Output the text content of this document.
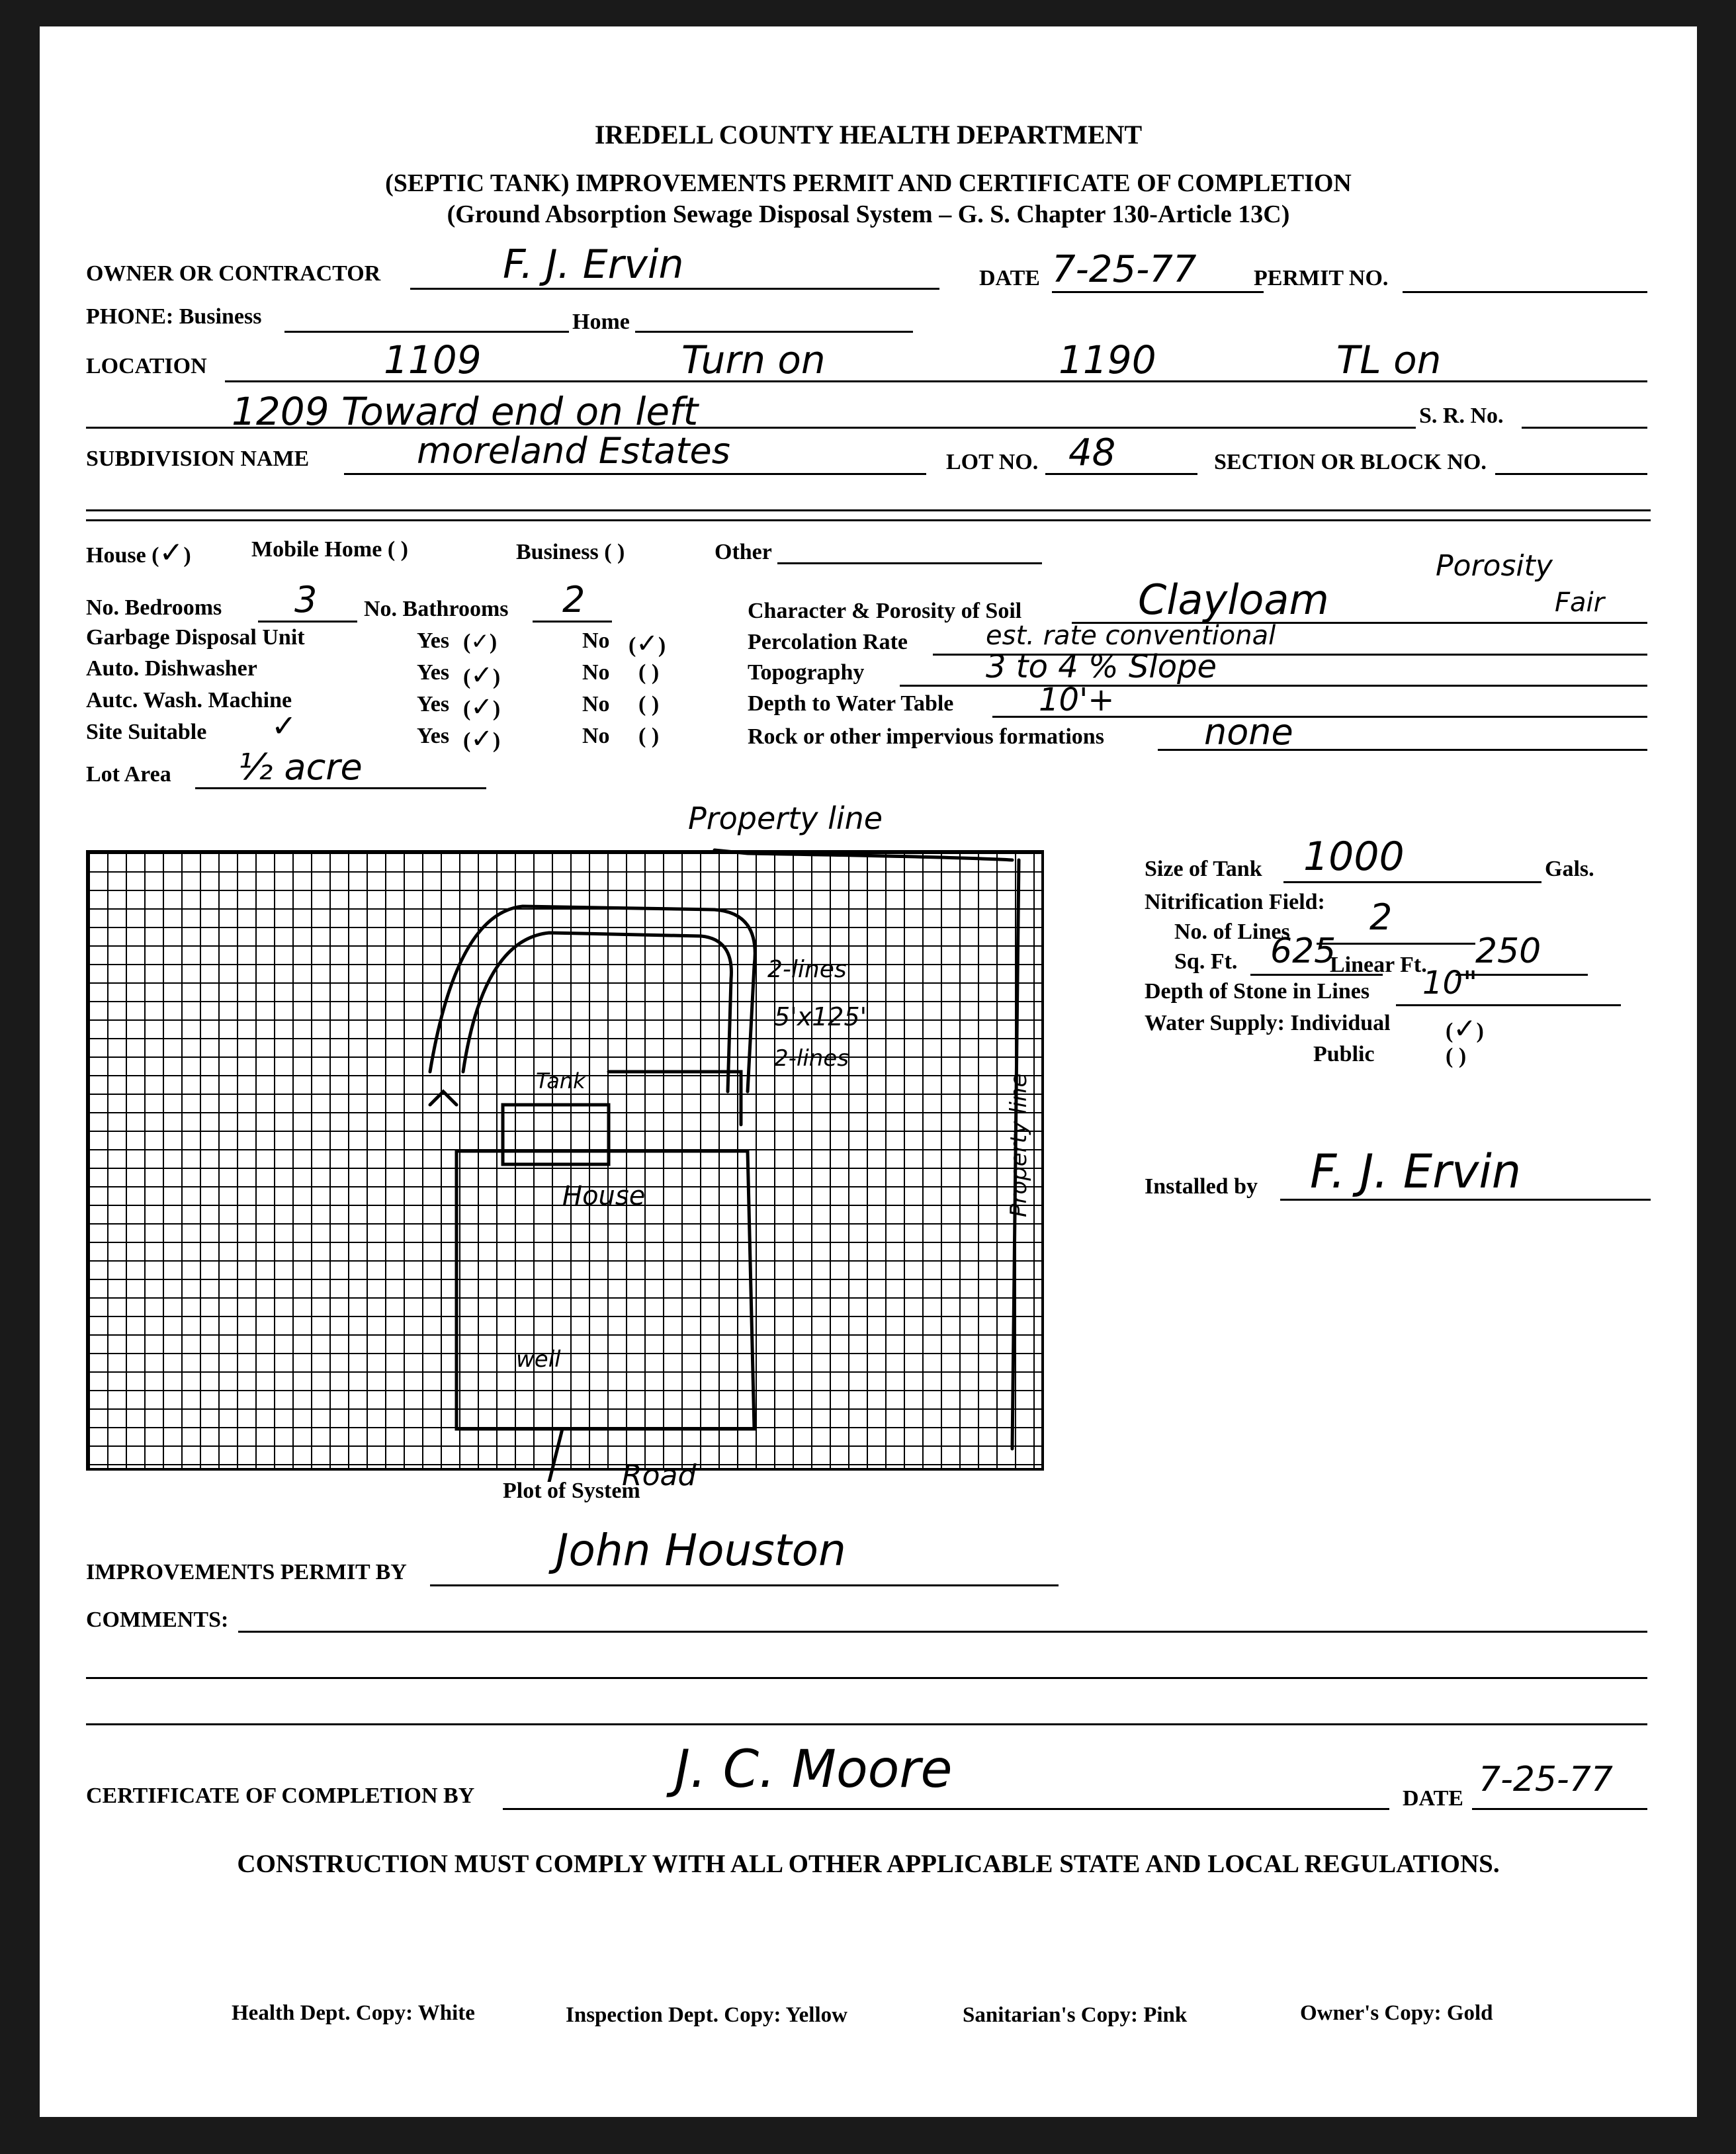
IREDELL COUNTY HEALTH DEPARTMENT
(SEPTIC TANK) IMPROVEMENTS PERMIT AND CERTIFICATE OF COMPLETION
(Ground Absorption Sewage Disposal System – G. S. Chapter 130-Article 13C)
OWNER OR CONTRACTOR	F. J. Ervin	DATE 7-25-77	PERMIT NO.
PHONE: Business	Home
LOCATION	1109	Turn on	1190	TL on
1209 Toward end on left	S. R. No.
SUBDIVISION NAME	moreland Estates	LOT NO. 48	SECTION OR BLOCK NO.
House (✓)	Mobile Home ( )	Business ( )	Other
No. Bedrooms 3 No. Bathrooms 2
Garbage Disposal Unit	Yes (✓)	No (✓)
Auto. Dishwasher	Yes (✓)	No ( )
Autc. Wash. Machine	Yes (✓)	No ( )
Site Suitable ✓	Yes (✓)	No ( )
Lot Area ½ acre
Character & Porosity of Soil	Clayloam
Porosity
Fair
Percolation Rate	est. rate conventional
Topography	3 to 4 % Slope
Depth to Water Table	10'+
Rock or other impervious formations	none
Property line
2-lines
5'x125'
2-lines
Tank
House
well
Road
Property line
Plot of System
Size of Tank 1000	Gals.
Nitrification Field:
No. of Lines 2
Sq. Ft. 625
Linear Ft. 250
Depth of Stone in Lines 10"
Water Supply: Individual (✓)
Public	( )
Installed by F. J. Ervin
IMPROVEMENTS PERMIT BY	John Houston
COMMENTS:
CERTIFICATE OF COMPLETION BY	J. C. Moore	DATE 7-25-77
CONSTRUCTION MUST COMPLY WITH ALL OTHER APPLICABLE STATE AND LOCAL REGULATIONS.
Health Dept. Copy: White	Inspection Dept. Copy: Yellow	Sanitarian's Copy: Pink	Owner's Copy: Gold
